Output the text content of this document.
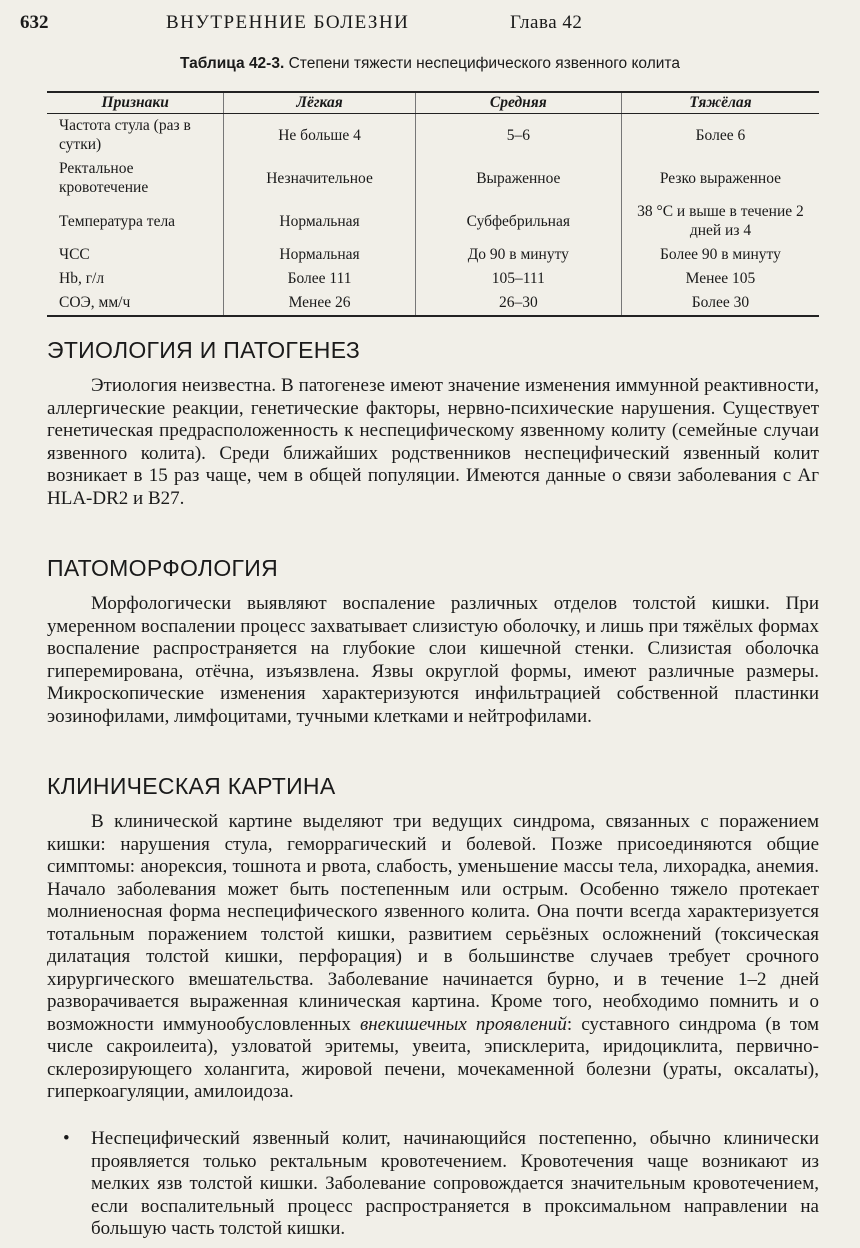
632	ВНУТРЕННИЕ БОЛЕЗНИ	Глава 42
Таблица 42-3. Степени тяжести неспецифического язвенного колита
Признаки	Лёгкая	Средняя	Тяжёлая
Частота стула (раз в сутки)	Не больше 4	5–6	Более 6
Ректальное кровотечение	Незначительное	Выраженное	Резко выраженное
Температура тела	Нормальная	Субфебрильная	38 °С и выше в течение 2 дней из 4
ЧСС	Нормальная	До 90 в минуту	Более 90 в минуту
Hb, г/л	Более 111	105–111	Менее 105
СОЭ, мм/ч	Менее 26	26–30	Более 30
ЭТИОЛОГИЯ И ПАТОГЕНЕЗ

Этиология неизвестна. В патогенезе имеют значение изменения иммунной реактивности, аллергические реакции, генетические факторы, нервно-психические нарушения. Существует генетическая предрасположенность к неспецифическому язвенному колиту (семейные случаи язвенного колита). Среди ближайших родственников неспецифический язвенный колит возникает в 15 раз чаще, чем в общей популяции. Имеются данные о связи заболевания с Аг HLA-DR2 и B27.

ПАТОМОРФОЛОГИЯ

Морфологически выявляют воспаление различных отделов толстой кишки. При умеренном воспалении процесс захватывает слизистую оболочку, и лишь при тяжёлых формах воспаление распространяется на глубокие слои кишечной стенки. Слизистая оболочка гиперемирована, отёчна, изъязвлена. Язвы округлой формы, имеют различные размеры. Микроскопические изменения характеризуются инфильтрацией собственной пластинки эозинофилами, лимфоцитами, тучными клетками и нейтрофилами.

КЛИНИЧЕСКАЯ КАРТИНА

В клинической картине выделяют три ведущих синдрома, связанных с поражением кишки: нарушения стула, геморрагический и болевой. Позже присоединяются общие симптомы: анорексия, тошнота и рвота, слабость, уменьшение массы тела, лихорадка, анемия. Начало заболевания может быть постепенным или острым. Особенно тяжело протекает молниеносная форма неспецифического язвенного колита. Она почти всегда характеризуется тотальным поражением толстой кишки, развитием серьёзных осложнений (токсическая дилатация толстой кишки, перфорация) и в большинстве случаев требует срочного хирургического вмешательства. Заболевание начинается бурно, и в течение 1–2 дней разворачивается выраженная клиническая картина. Кроме того, необходимо помнить и о возможности иммунообусловленных внекишечных проявлений: суставного синдрома (в том числе сакроилеита), узловатой эритемы, увеита, эписклерита, иридоциклита, первично-склерозирующего холангита, жировой печени, мочекаменной болезни (ураты, оксалаты), гиперкоагуляции, амилоидоза.

• Неспецифический язвенный колит, начинающийся постепенно, обычно клинически проявляется только ректальным кровотечением. Кровотечения чаще возникают из мелких язв толстой кишки. Заболевание сопровождается значительным кровотечением, если воспалительный процесс распространяется в проксимальном направлении на большую часть толстой кишки.
